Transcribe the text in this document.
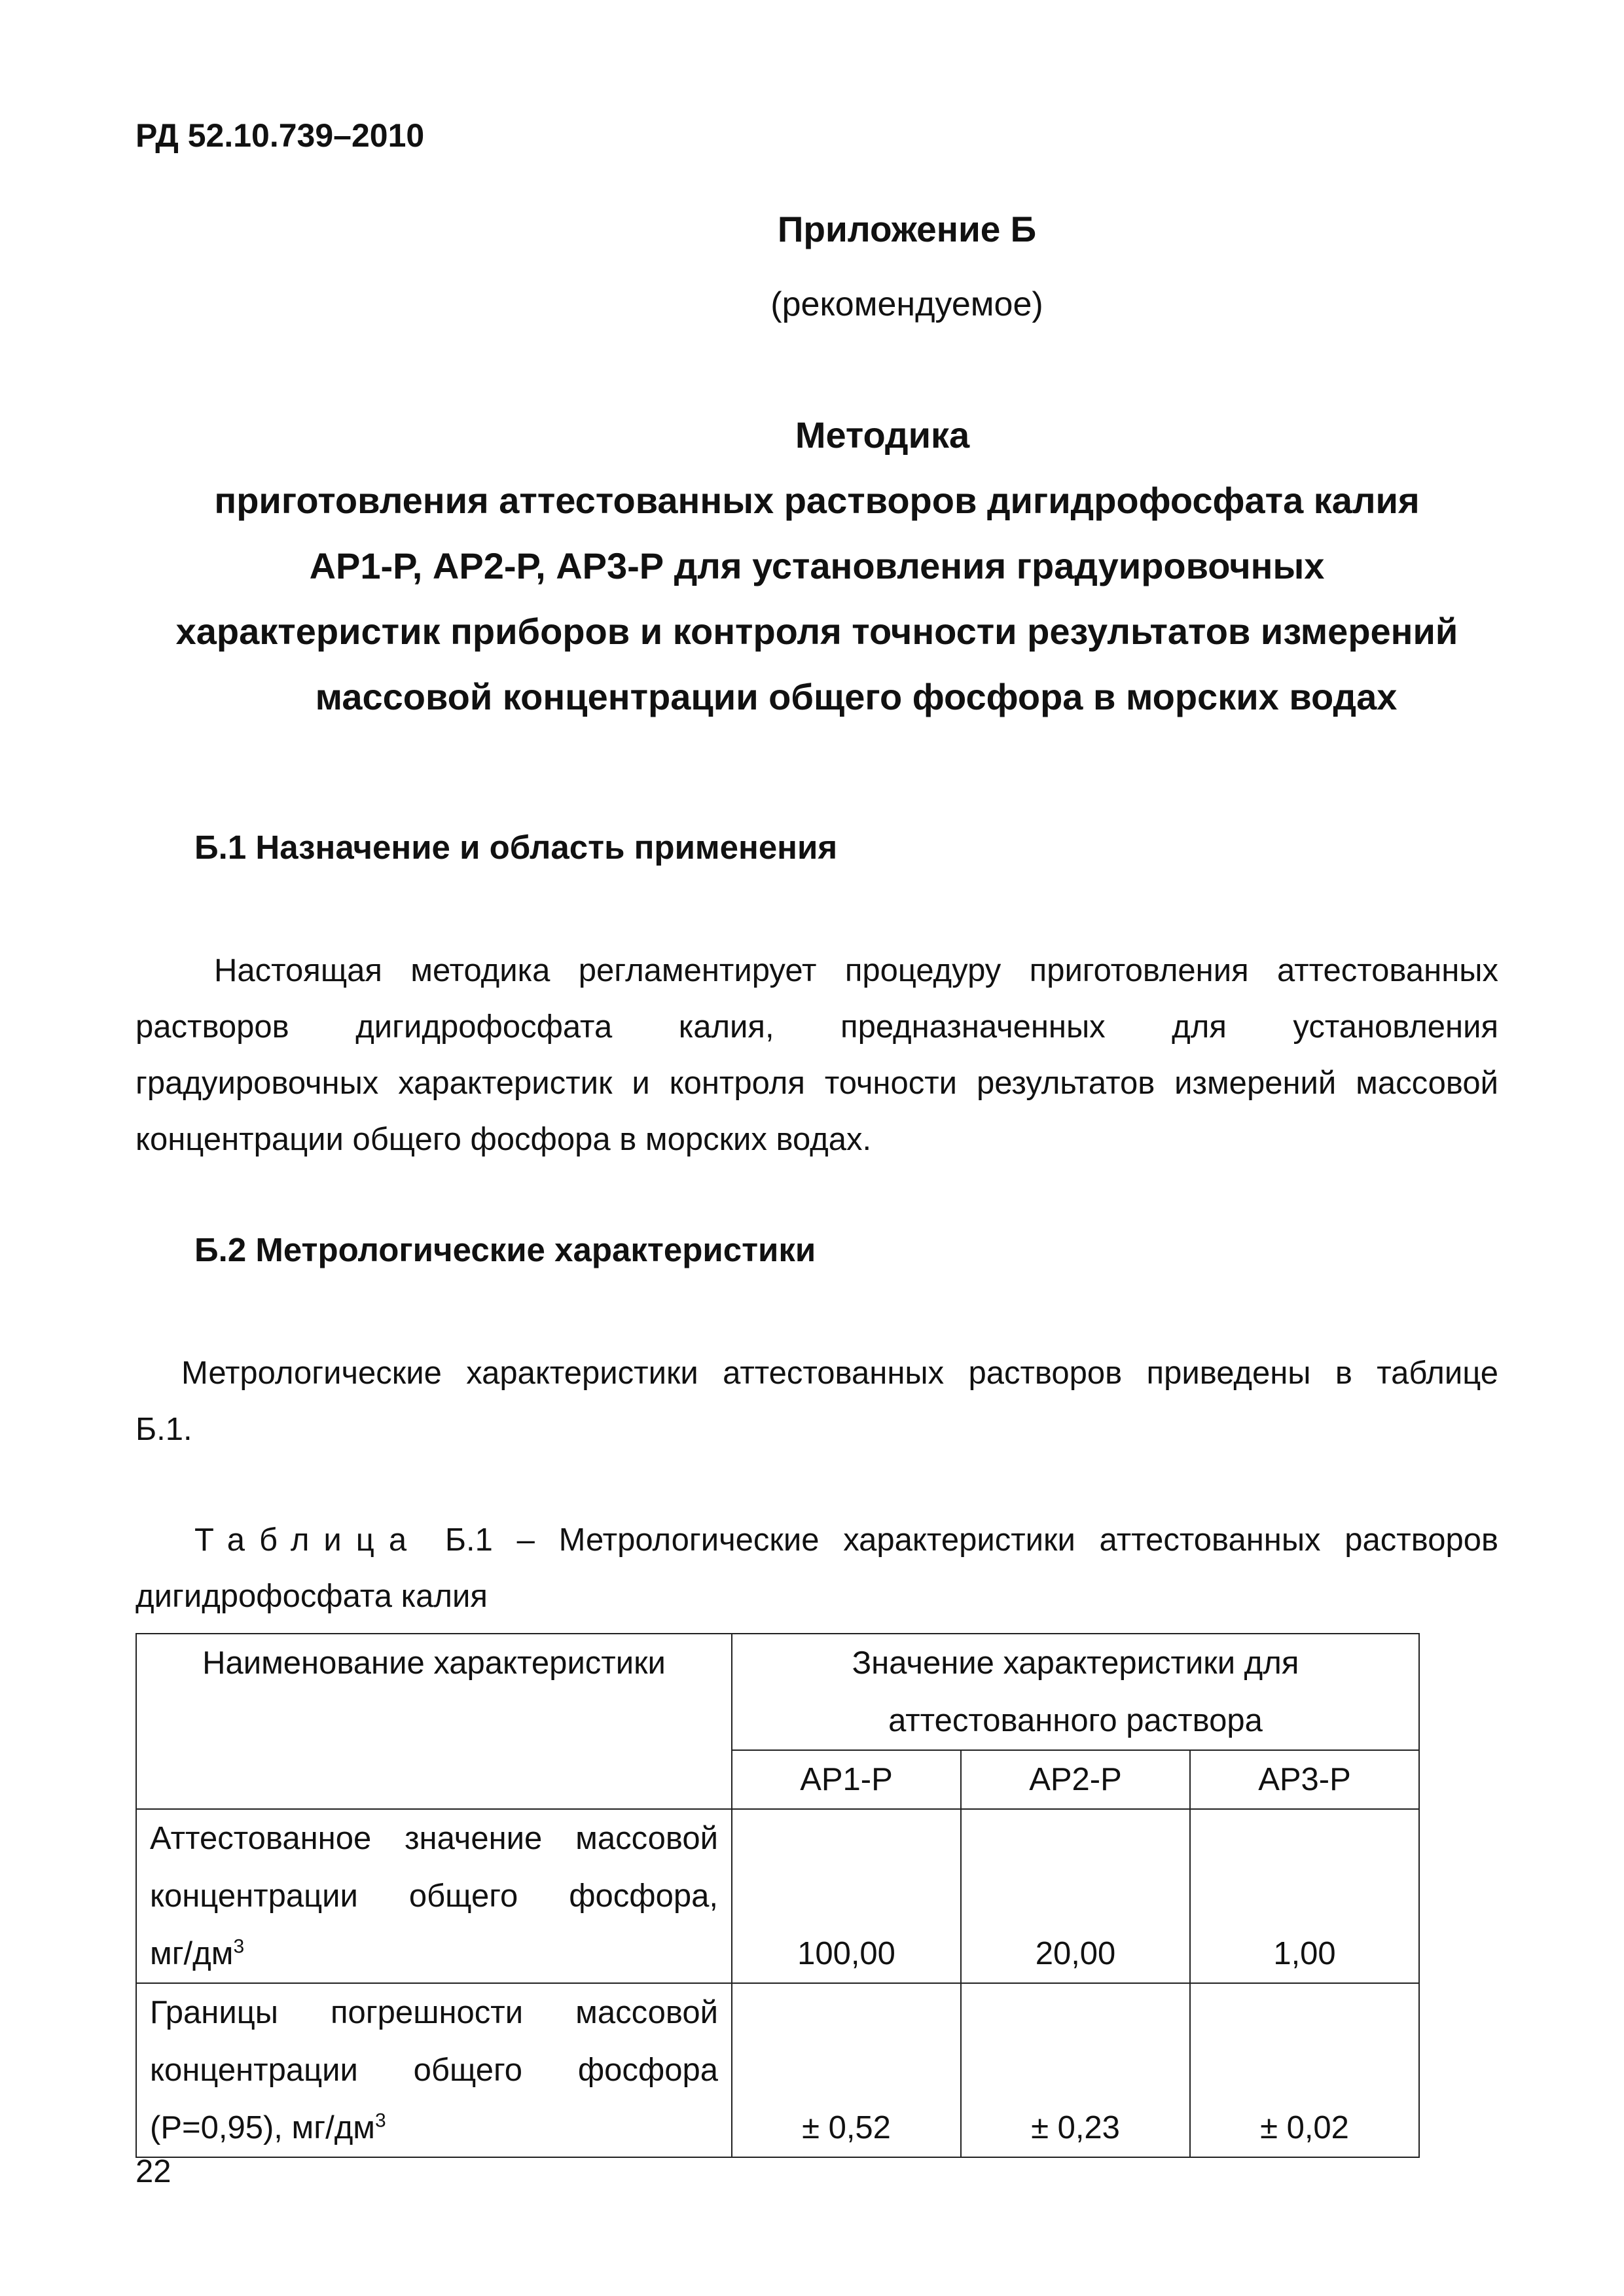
РД 52.10.739–2010
Приложение Б
(рекомендуемое)
Методика
приготовления аттестованных растворов дигидрофосфата калия
АР1-Р, АР2-Р, АР3-Р для установления градуировочных
характеристик приборов и контроля точности результатов измерений
массовой концентрации общего фосфора в морских водах
Б.1 Назначение и область применения
Настоящая методика регламентирует процедуру приготовления аттестованных
растворов дигидрофосфата калия, предназначенных для установления
градуировочных характеристик и контроля точности результатов измерений массовой
концентрации общего фосфора в морских водах.
Б.2 Метрологические характеристики
Метрологические характеристики аттестованных растворов приведены в таблице
Б.1.
Таблица Б.1 – Метрологические характеристики аттестованных растворов
дигидрофосфата калия
Наименование характеристики	Значение характеристики для
аттестованного раствора		

	АР1-Р	АР2-Р	АР3-Р

Аттестованное значение массовой
концентрации общего фосфора,
$мг/дм^3$	100,00	20,00	1,00

Границы погрешности массовой
концентрации общего фосфора
(Р=0,95), $мг/дм^3$	± 0,52	± 0,23	± 0,02
22
